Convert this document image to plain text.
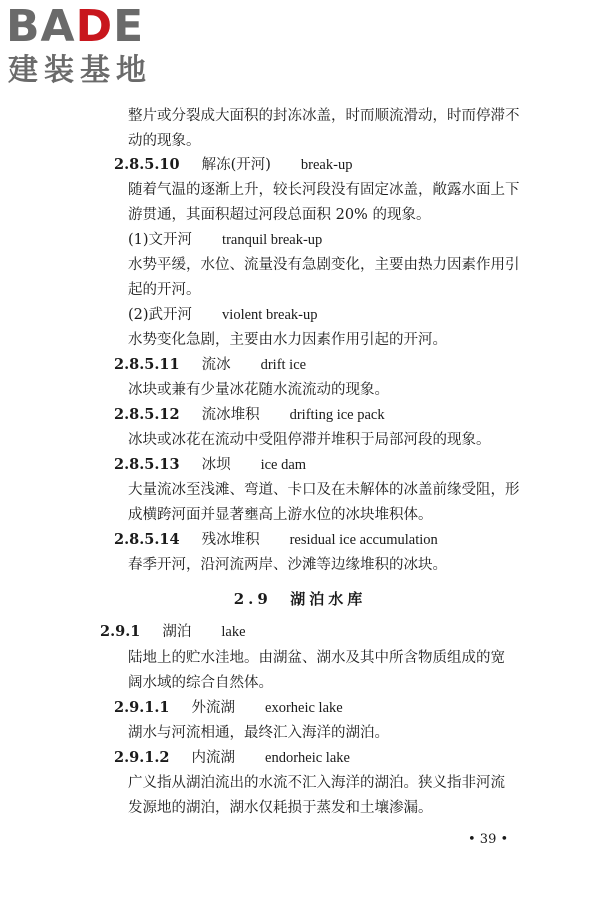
BADE
建装基地
整片或分裂成大面积的封冻冰盖，时而顺流滑动，时而停滞不
动的现象。
2.8.5.10 解冻(开河) break-up
随着气温的逐渐上升，较长河段没有固定冰盖，敞露水面上下
游贯通，其面积超过河段总面积 20% 的现象。
(1)文开河 tranquil break-up
水势平缓，水位、流量没有急剧变化，主要由热力因素作用引
起的开河。
(2)武开河 violent break-up
水势变化急剧，主要由水力因素作用引起的开河。
2.8.5.11 流冰 drift ice
冰块或兼有少量冰花随水流流动的现象。
2.8.5.12 流冰堆积 drifting ice pack
冰块或冰花在流动中受阻停滞并堆积于局部河段的现象。
2.8.5.13 冰坝 ice dam
大量流冰至浅滩、弯道、卡口及在未解体的冰盖前缘受阻，形
成横跨河面并显著壅高上游水位的冰块堆积体。
2.8.5.14 残冰堆积 residual ice accumulation
春季开河，沿河流两岸、沙滩等边缘堆积的冰块。
2.9 湖泊水库
2.9.1 湖泊 lake
陆地上的贮水洼地。由湖盆、湖水及其中所含物质组成的宽
阔水域的综合自然体。
2.9.1.1 外流湖 exorheic lake
湖水与河流相通，最终汇入海洋的湖泊。
2.9.1.2 内流湖 endorheic lake
广义指从湖泊流出的水流不汇入海洋的湖泊。狭义指非河流
发源地的湖泊，湖水仅耗损于蒸发和土壤渗漏。
• 39 •
